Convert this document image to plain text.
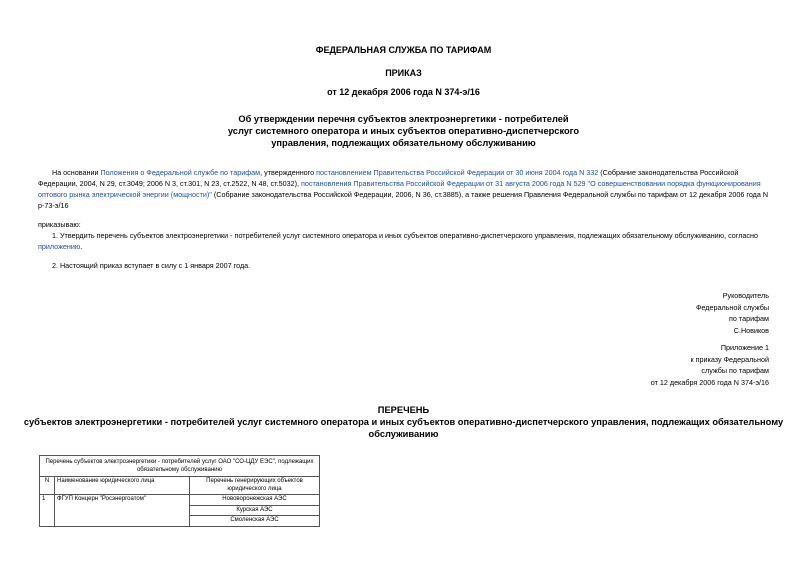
ФЕДЕРАЛЬНАЯ СЛУЖБА ПО ТАРИФАМ
ПРИКАЗ
от 12 декабря 2006 года N 374-э/16
Об утверждении перечня субъектов электроэнергетики - потребителей
услуг системного оператора и иных субъектов оперативно-диспетчерского
управления, подлежащих обязательному обслуживанию
На основании Положения о Федеральной службе по тарифам, утвержденного постановлением Правительства Российской Федерации от 30 июня 2004 года N 332 (Собрание законодательства Российской Федерации, 2004, N 29, ст.3049; 2006 N 3, ст.301, N 23, ст.2522, N 48, ст.5032), постановления Правительства Российской Федерации от 31 августа 2006 года N 529 "О совершенствовании порядка функционирования оптового рынка электрической энергии (мощности)" (Собрание законодательства Российской Федерации, 2006, N 36, ст.3885), а также решения Правления Федеральной службы по тарифам от 12 декабря 2006 года N р-73-э/16
приказываю:
1. Утвердить перечень субъектов электроэнергетики - потребителей услуг системного оператора и иных субъектов оперативно-диспетчерского управления, подлежащих обязательному обслуживанию, согласно приложению.
2. Настоящий приказ вступает в силу с 1 января 2007 года.
Руководитель
Федеральной службы
по тарифам
С.Новиков
Приложение 1
к приказу Федеральной
службы по тарифам
от 12 декабря 2006 года N 374-э/16
ПЕРЕЧЕНЬ
субъектов электроэнергетики - потребителей услуг системного оператора и иных субъектов оперативно-диспетчерского управления, подлежащих обязательному
обслуживанию
Перечень субъектов электроэнергетики - потребителей услуг ОАО "СО-ЦДУ ЕЭС", подлежащих обязательному обслуживанию		
N	Наименование юридического лица	Перечень генерирующих объектов юридического лица
1	ФГУП Концерн "Росэнергоатом"	Нововоронежская АЭС
		Курская АЭС
		Смоленская АЭС
